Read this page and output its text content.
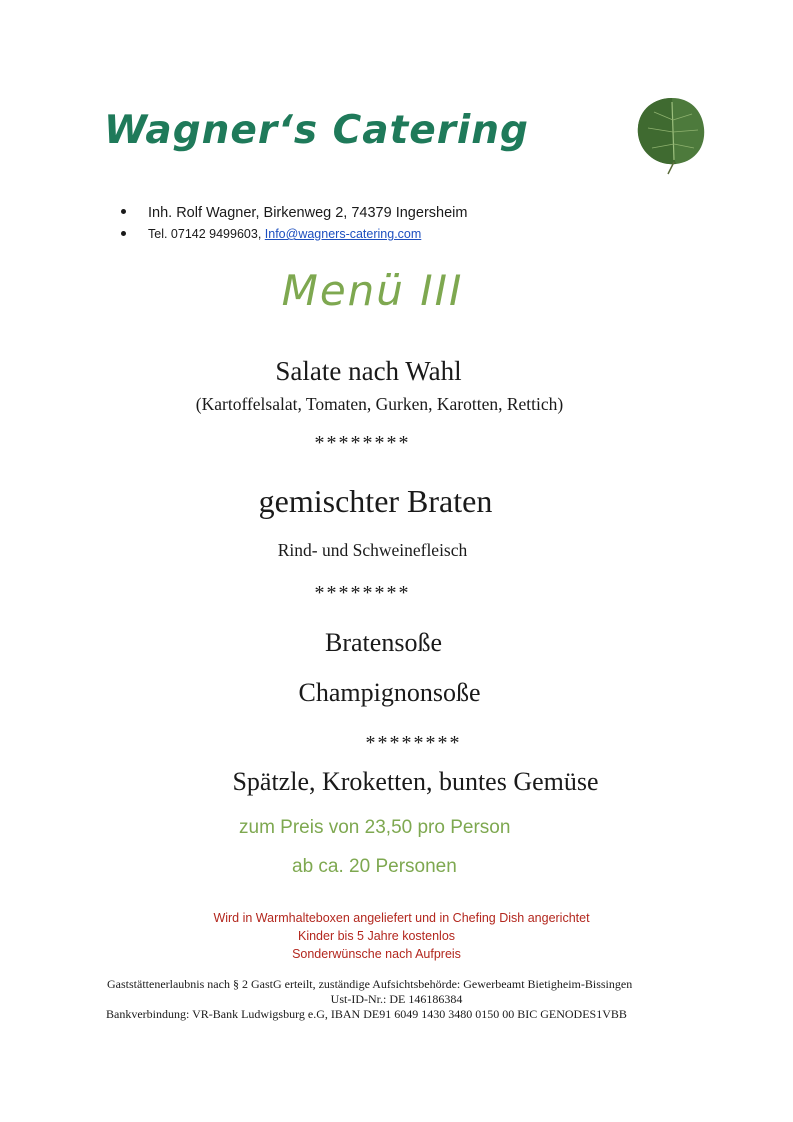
Wagner‘s Catering
Inh. Rolf Wagner, Birkenweg 2, 74379 Ingersheim
Tel. 07142 9499603, Info@wagners-catering.com
Menü III
Salate nach Wahl
(Kartoffelsalat, Tomaten, Gurken, Karotten, Rettich)
********
gemischter Braten
Rind- und Schweinefleisch
********
Bratensoße
Champignonsoße
********
Spätzle, Kroketten, buntes Gemüse
zum Preis von 23,50 pro Person
ab ca. 20 Personen
Wird in Warmhalteboxen angeliefert und in Chefing Dish angerichtet
Kinder bis 5 Jahre kostenlos
Sonderwünsche nach Aufpreis
Gaststättenerlaubnis nach § 2 GastG erteilt, zuständige Aufsichtsbehörde: Gewerbeamt Bietigheim-Bissingen
Ust-ID-Nr.: DE 146186384
Bankverbindung: VR-Bank Ludwigsburg e.G, IBAN DE91 6049 1430 3480 0150 00 BIC GENODES1VBB
